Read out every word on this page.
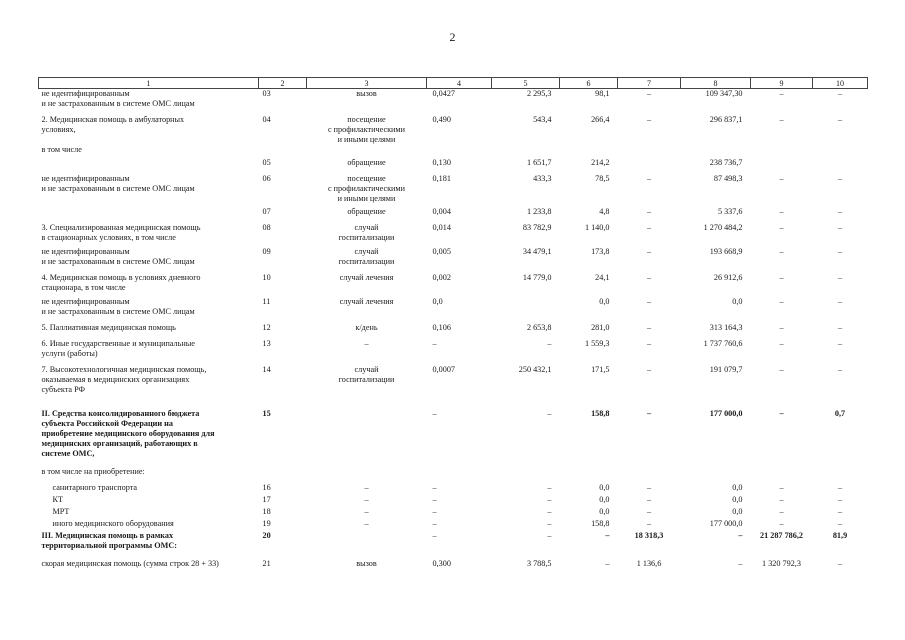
2
1	2	3	4	5	6	7	8	9	10
не идентифицированным
и не застрахованным в системе ОМС лицам	03	вызов	0,0427	2 295,3	98,1	–	109 347,30	–	–
2. Медицинская помощь в амбулаторных
условиях,

в том числе	04	посещение
с профилактическими
и иными целями	0,490	543,4	266,4	–	296 837,1	–	–
	05	обращение	0,130	1 651,7	214,2		238 736,7		
не идентифицированным
и не застрахованным в системе ОМС лицам	06	посещение
с профилактическими
и иными целями	0,181	433,3	78,5	–	87 498,3	–	–
	07	обращение	0,004	1 233,8	4,8	–	5 337,6	–	–
3. Специализированная медицинская помощь
в стационарных условиях, в том числе	08	случай
госпитализации	0,014	83 782,9	1 140,0	–	1 270 484,2	–	–
не идентифицированным
и не застрахованным в системе ОМС лицам	09	случай
госпитализации	0,005	34 479,1	173,8	–	193 668,9	–	–
4. Медицинская помощь в условиях дневного
стационара, в том числе	10	случай лечения	0,002	14 779,0	24,1	–	26 912,6	–	–
не идентифицированным
и не застрахованным в системе ОМС лицам	11	случай лечения	0,0		0,0	–	0,0	–	–
5. Паллиативная медицинская помощь	12	к/день	0,106	2 653,8	281,0	–	313 164,3	–	–
6. Иные государственные и муниципальные
услуги (работы)	13	–	–	–	1 559,3	–	1 737 760,6	–	–
7. Высокотехнологичная медицинская помощь,
оказываемая в медицинских организациях
субъекта РФ	14	случай
госпитализации	0,0007	250 432,1	171,5	–	191 079,7	–	–
II. Средства консолидированного бюджета
субъекта Российской Федерации на
приобретение медицинского оборудования для
медицинских организаций, работающих в
системе ОМС,	15		–	–	158,8	–	177 000,0	–	0,7
в том числе на приобретение:									
санитарного транспорта	16	–	–	–	0,0	–	0,0	–	–
КТ	17	–	–	–	0,0	–	0,0	–	–
МРТ	18	–	–	–	0,0	–	0,0	–	–
иного медицинского оборудования	19	–	–	–	158,8	–	177 000,0	–	–
III. Медицинская помощь в рамках
территориальной программы ОМС:	20		–	–	–	18 318,3	–	21 287 786,2	81,9
скорая медицинская помощь (сумма строк 28 + 33)	21	вызов	0,300	3 788,5	–	1 136,6	–	1 320 792,3	–
